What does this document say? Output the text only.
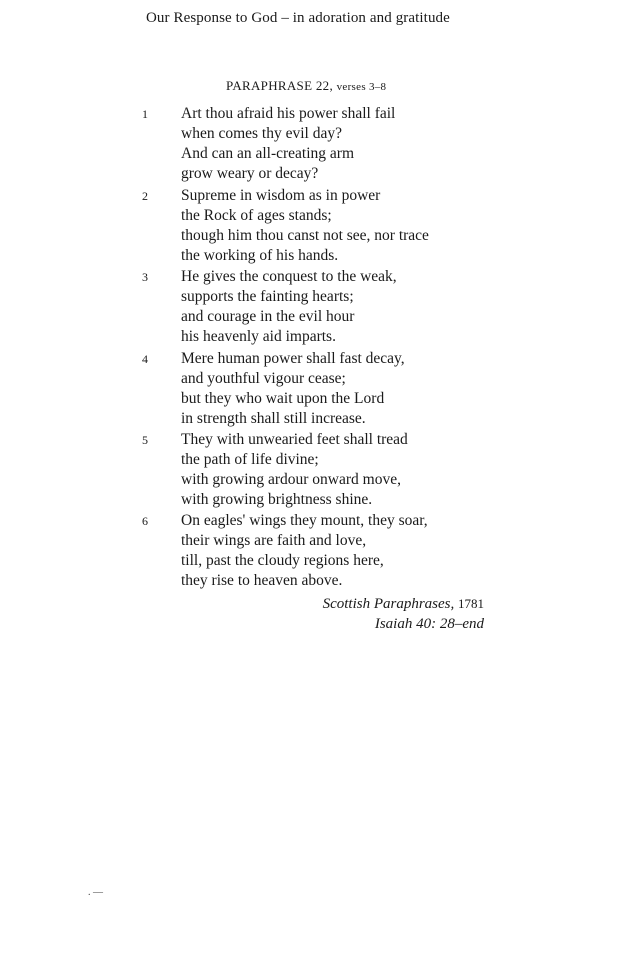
Our Response to God – in adoration and gratitude
PARAPHRASE 22, verses 3–8
1 Art thou afraid his power shall fail
when comes thy evil day?
And can an all-creating arm
grow weary or decay?
2 Supreme in wisdom as in power
the Rock of ages stands;
though him thou canst not see, nor trace
the working of his hands.
3 He gives the conquest to the weak,
supports the fainting hearts;
and courage in the evil hour
his heavenly aid imparts.
4 Mere human power shall fast decay,
and youthful vigour cease;
but they who wait upon the Lord
in strength shall still increase.
5 They with unwearied feet shall tread
the path of life divine;
with growing ardour onward move,
with growing brightness shine.
6 On eagles' wings they mount, they soar,
their wings are faith and love,
till, past the cloudy regions here,
they rise to heaven above.
Scottish Paraphrases, 1781
Isaiah 40: 28–end
. —
